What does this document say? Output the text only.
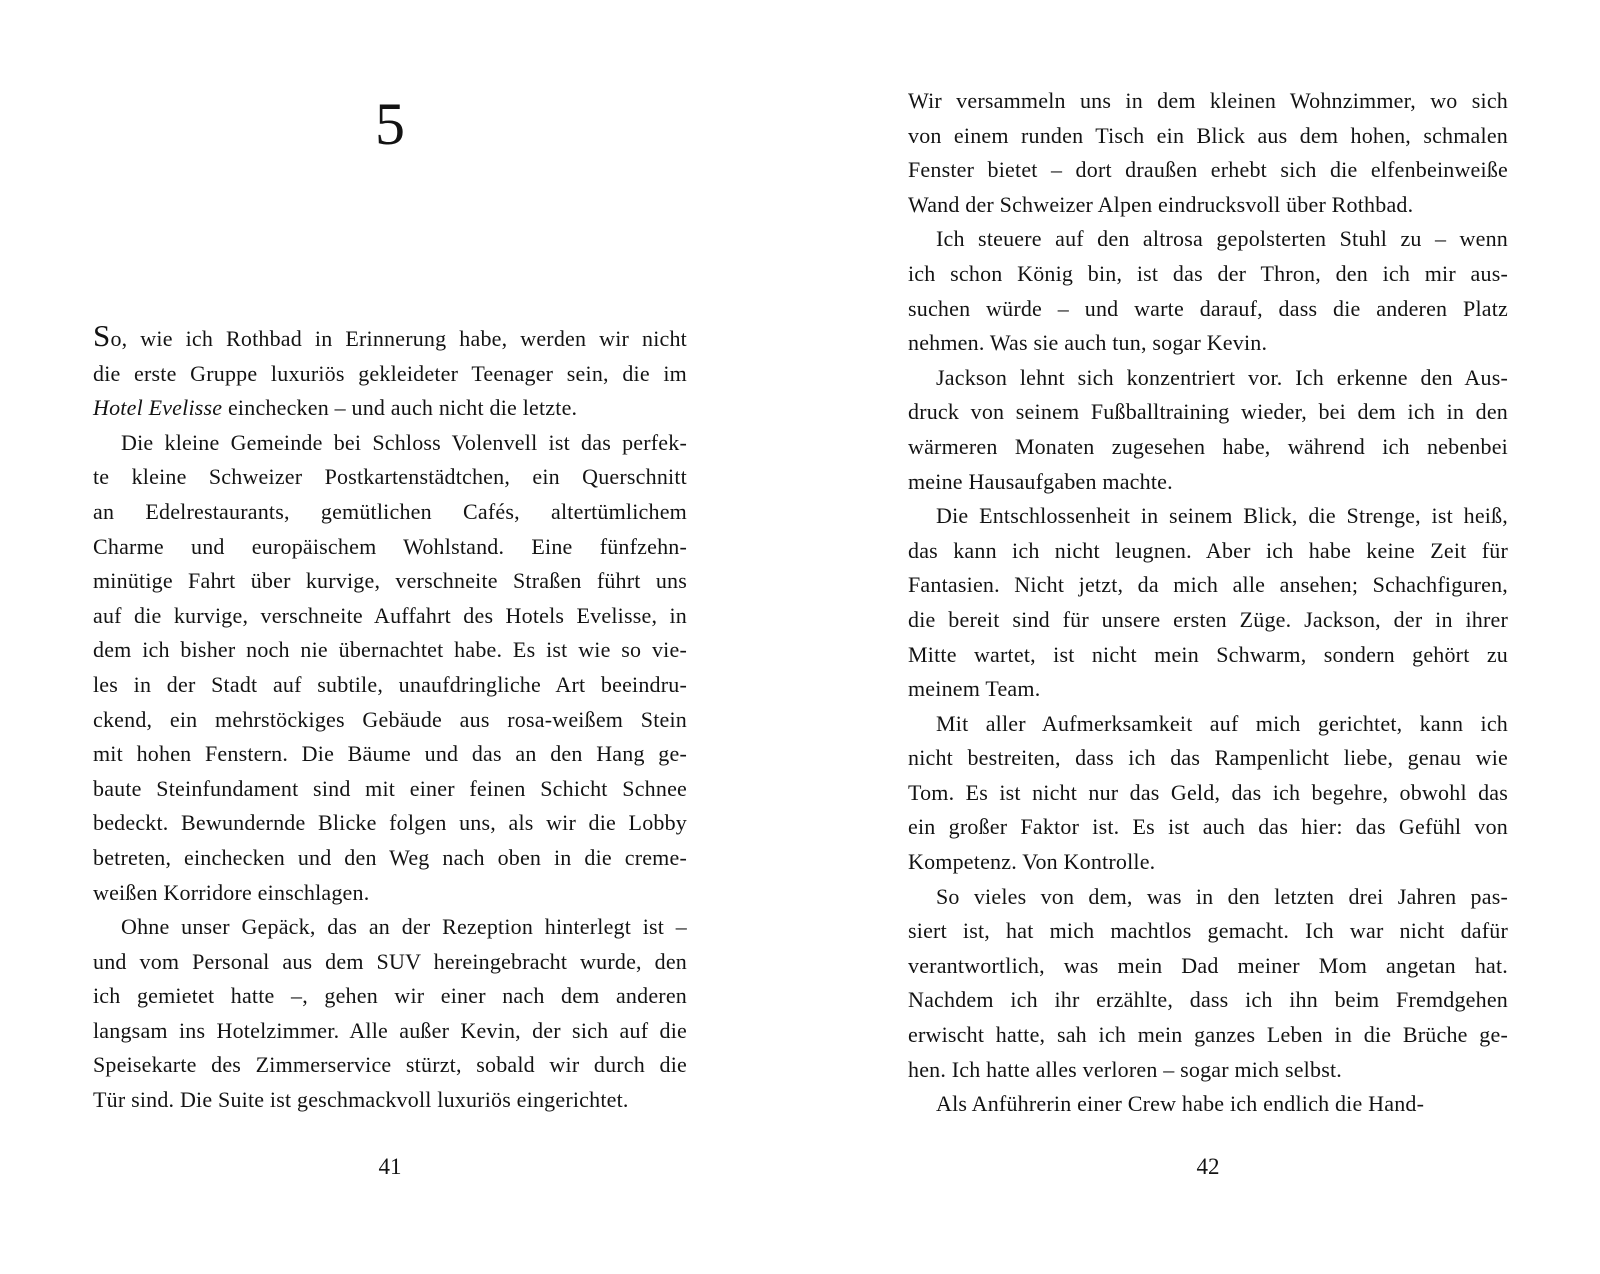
5
So, wie ich Rothbad in Erinnerung habe, werden wir nicht
die erste Gruppe luxuriös gekleideter Teenager sein, die im
Hotel Evelisse einchecken – und auch nicht die letzte.
Die kleine Gemeinde bei Schloss Volenvell ist das perfek-
te kleine Schweizer Postkartenstädtchen, ein Querschnitt
an Edelrestaurants, gemütlichen Cafés, altertümlichem
Charme und europäischem Wohlstand. Eine fünfzehn-
minütige Fahrt über kurvige, verschneite Straßen führt uns
auf die kurvige, verschneite Auffahrt des Hotels Evelisse, in
dem ich bisher noch nie übernachtet habe. Es ist wie so vie-
les in der Stadt auf subtile, unaufdringliche Art beeindru-
ckend, ein mehrstöckiges Gebäude aus rosa-weißem Stein
mit hohen Fenstern. Die Bäume und das an den Hang ge-
baute Steinfundament sind mit einer feinen Schicht Schnee
bedeckt. Bewundernde Blicke folgen uns, als wir die Lobby
betreten, einchecken und den Weg nach oben in die creme-
weißen Korridore einschlagen.
Ohne unser Gepäck, das an der Rezeption hinterlegt ist –
und vom Personal aus dem SUV hereingebracht wurde, den
ich gemietet hatte –, gehen wir einer nach dem anderen
langsam ins Hotelzimmer. Alle außer Kevin, der sich auf die
Speisekarte des Zimmerservice stürzt, sobald wir durch die
Tür sind. Die Suite ist geschmackvoll luxuriös eingerichtet.
41
Wir versammeln uns in dem kleinen Wohnzimmer, wo sich
von einem runden Tisch ein Blick aus dem hohen, schmalen
Fenster bietet – dort draußen erhebt sich die elfenbeinweiße
Wand der Schweizer Alpen eindrucksvoll über Rothbad.
Ich steuere auf den altrosa gepolsterten Stuhl zu – wenn
ich schon König bin, ist das der Thron, den ich mir aus-
suchen würde – und warte darauf, dass die anderen Platz
nehmen. Was sie auch tun, sogar Kevin.
Jackson lehnt sich konzentriert vor. Ich erkenne den Aus-
druck von seinem Fußballtraining wieder, bei dem ich in den
wärmeren Monaten zugesehen habe, während ich nebenbei
meine Hausaufgaben machte.
Die Entschlossenheit in seinem Blick, die Strenge, ist heiß,
das kann ich nicht leugnen. Aber ich habe keine Zeit für
Fantasien. Nicht jetzt, da mich alle ansehen; Schachfiguren,
die bereit sind für unsere ersten Züge. Jackson, der in ihrer
Mitte wartet, ist nicht mein Schwarm, sondern gehört zu
meinem Team.
Mit aller Aufmerksamkeit auf mich gerichtet, kann ich
nicht bestreiten, dass ich das Rampenlicht liebe, genau wie
Tom. Es ist nicht nur das Geld, das ich begehre, obwohl das
ein großer Faktor ist. Es ist auch das hier: das Gefühl von
Kompetenz. Von Kontrolle.
So vieles von dem, was in den letzten drei Jahren pas-
siert ist, hat mich machtlos gemacht. Ich war nicht dafür
verantwortlich, was mein Dad meiner Mom angetan hat.
Nachdem ich ihr erzählte, dass ich ihn beim Fremdgehen
erwischt hatte, sah ich mein ganzes Leben in die Brüche ge-
hen. Ich hatte alles verloren – sogar mich selbst.
Als Anführerin einer Crew habe ich endlich die Hand-
42
